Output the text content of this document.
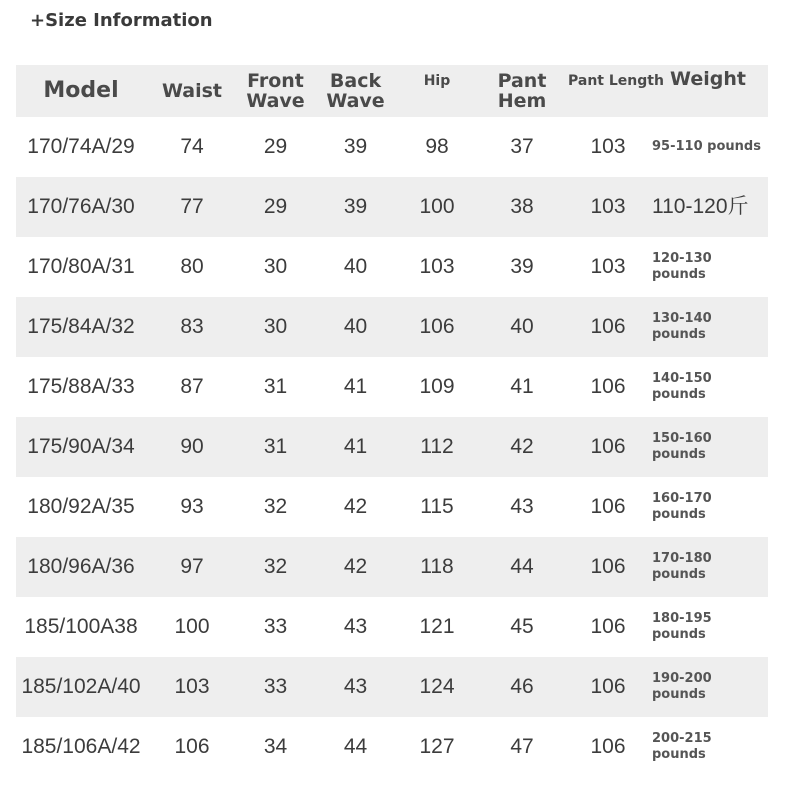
+Size Information
Model	Waist	Front Wave	Back Wave	Hip	Pant Hem	Pant Length	Weight
170/74A/29	74	29	39	98	37	103	95-110 pounds
170/76A/30	77	29	39	100	38	103	110-120斤
170/80A/31	80	30	40	103	39	103	120-130 pounds
175/84A/32	83	30	40	106	40	106	130-140 pounds
175/88A/33	87	31	41	109	41	106	140-150 pounds
175/90A/34	90	31	41	112	42	106	150-160 pounds
180/92A/35	93	32	42	115	43	106	160-170 pounds
180/96A/36	97	32	42	118	44	106	170-180 pounds
185/100A38	100	33	43	121	45	106	180-195 pounds
185/102A/40	103	33	43	124	46	106	190-200 pounds
185/106A/42	106	34	44	127	47	106	200-215 pounds
